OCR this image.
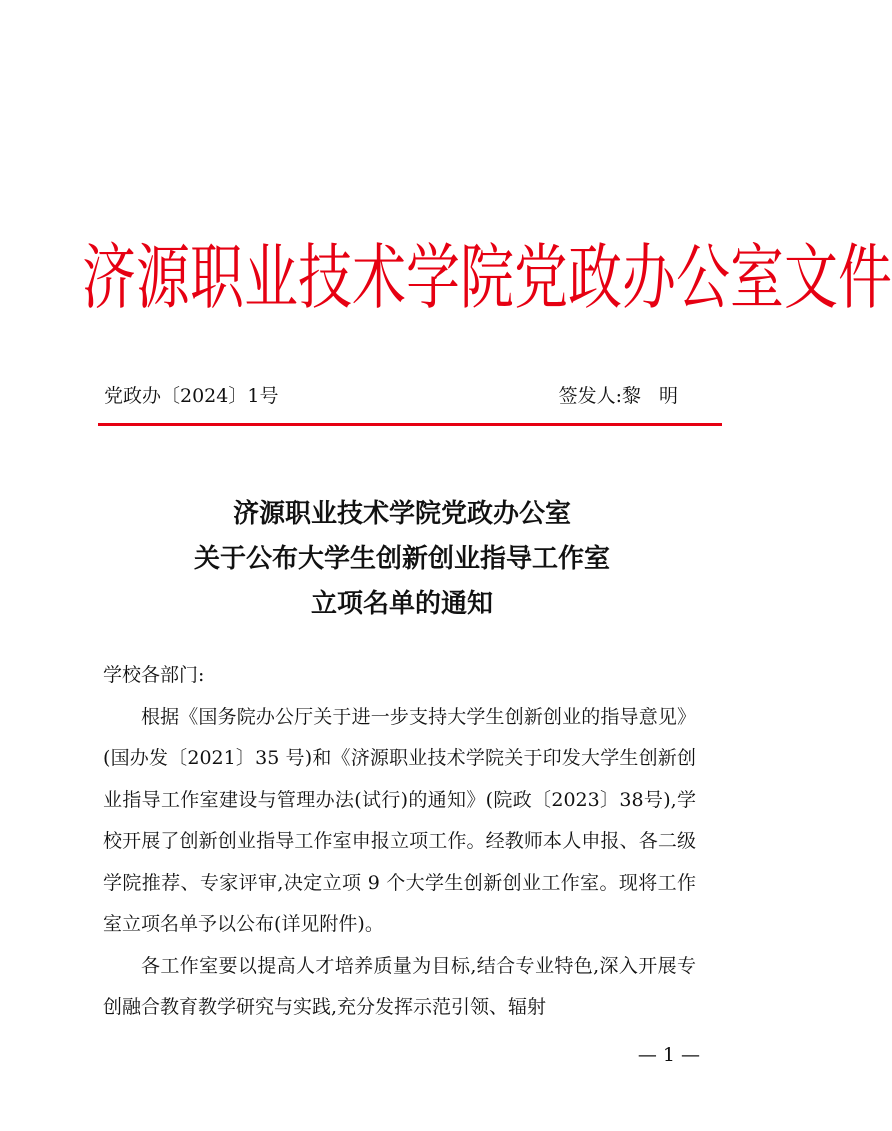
济源职业技术学院党政办公室文件
党政办〔2024〕1号	签发人:黎明
济源职业技术学院党政办公室
关于公布大学生创新创业指导工作室
立项名单的通知
学校各部门:

根据《国务院办公厅关于进一步支持大学生创新创业的指导意见》(国办发〔2021〕35 号)和《济源职业技术学院关于印发大学生创新创业指导工作室建设与管理办法(试行)的通知》(院政〔2023〕38号),学校开展了创新创业指导工作室申报立项工作。经教师本人申报、各二级学院推荐、专家评审,决定立项 9 个大学生创新创业工作室。现将工作室立项名单予以公布(详见附件)。

各工作室要以提高人才培养质量为目标,结合专业特色,深入开展专创融合教育教学研究与实践,充分发挥示范引领、辐射

— 1 —
